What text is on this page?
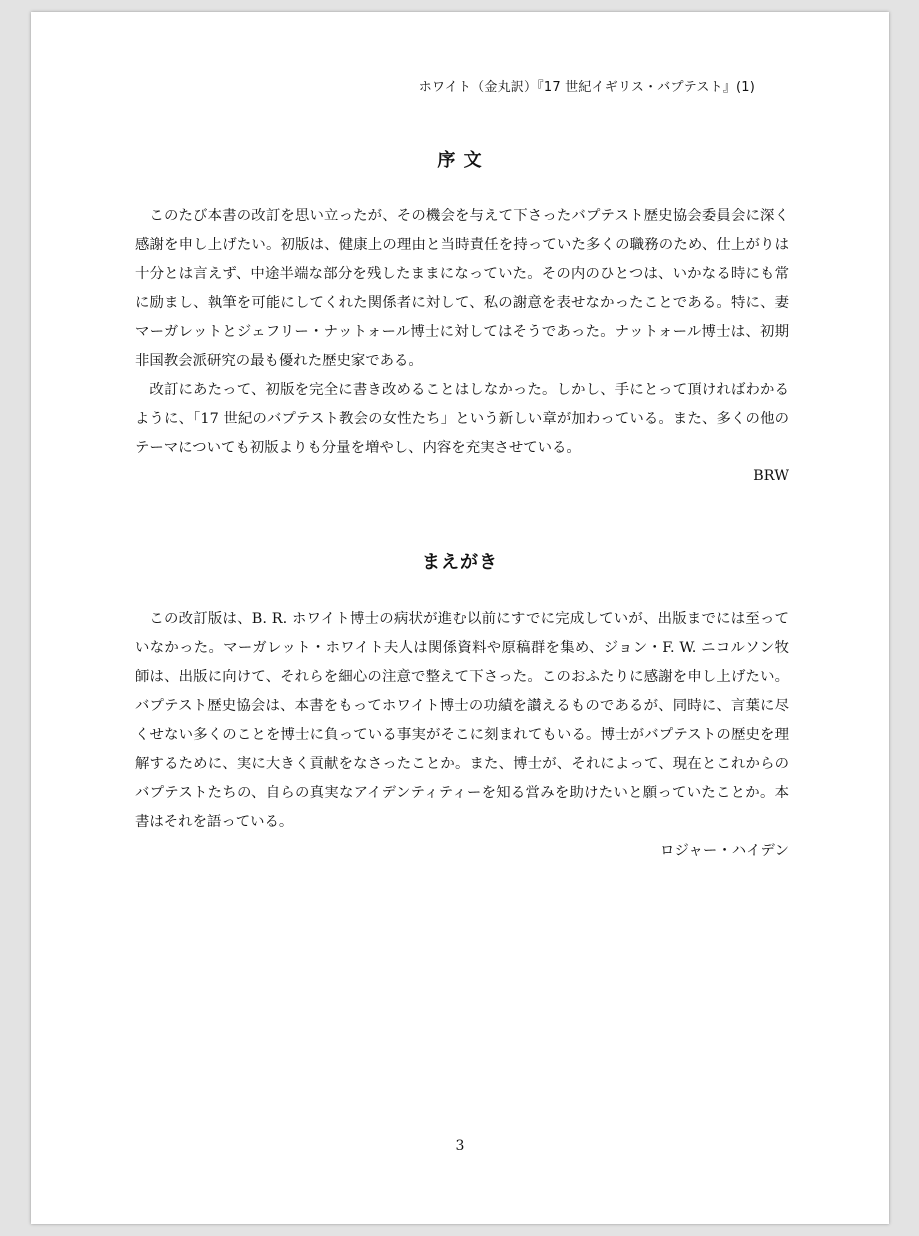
ホワイト（金丸訳）『17 世紀イギリス・バプテスト』(1)
序 文

このたび本書の改訂を思い立ったが、その機会を与えて下さったバプテスト歴史協会委員会に深く感謝を申し上げたい。初版は、健康上の理由と当時責任を持っていた多くの職務のため、仕上がりは十分とは言えず、中途半端な部分を残したままになっていた。その内のひとつは、いかなる時にも常に励まし、執筆を可能にしてくれた関係者に対して、私の謝意を表せなかったことである。特に、妻マーガレットとジェフリー・ナットォール博士に対してはそうであった。ナットォール博士は、初期非国教会派研究の最も優れた歴史家である。

改訂にあたって、初版を完全に書き改めることはしなかった。しかし、手にとって頂ければわかるように、「17 世紀のバプテスト教会の女性たち」という新しい章が加わっている。また、多くの他のテーマについても初版よりも分量を増やし、内容を充実させている。

BRW
まえがき

この改訂版は、B. R. ホワイト博士の病状が進む以前にすでに完成していが、出版までには至っていなかった。マーガレット・ホワイト夫人は関係資料や原稿群を集め、ジョン・F. W. ニコルソン牧師は、出版に向けて、それらを細心の注意で整えて下さった。このおふたりに感謝を申し上げたい。バプテスト歴史協会は、本書をもってホワイト博士の功績を讃えるものであるが、同時に、言葉に尽くせない多くのことを博士に負っている事実がそこに刻まれてもいる。博士がバプテストの歴史を理解するために、実に大きく貢献をなさったことか。また、博士が、それによって、現在とこれからのバプテストたちの、自らの真実なアイデンティティーを知る営みを助けたいと願っていたことか。本書はそれを語っている。

ロジャー・ハイデン
3
